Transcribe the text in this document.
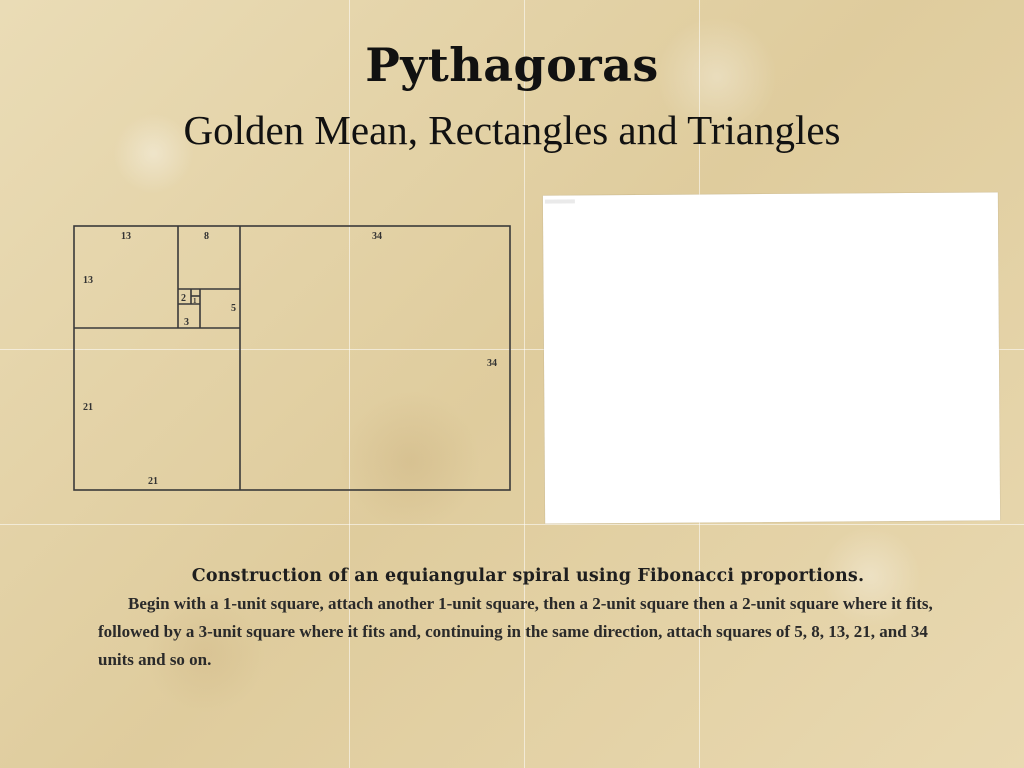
Pythagoras
Golden Mean, Rectangles and Triangles
13	8	34
13
2 1
5
3
34
21
21

Construction of an equiangular spiral using Fibonacci proportions.

Begin with a 1-unit square, attach another 1-unit square, then a 2-unit square then a 2-unit square where it fits, followed by a 3-unit square where it fits and, continuing in the same direction, attach squares of 5, 8, 13, 21, and 34 units and so on.
